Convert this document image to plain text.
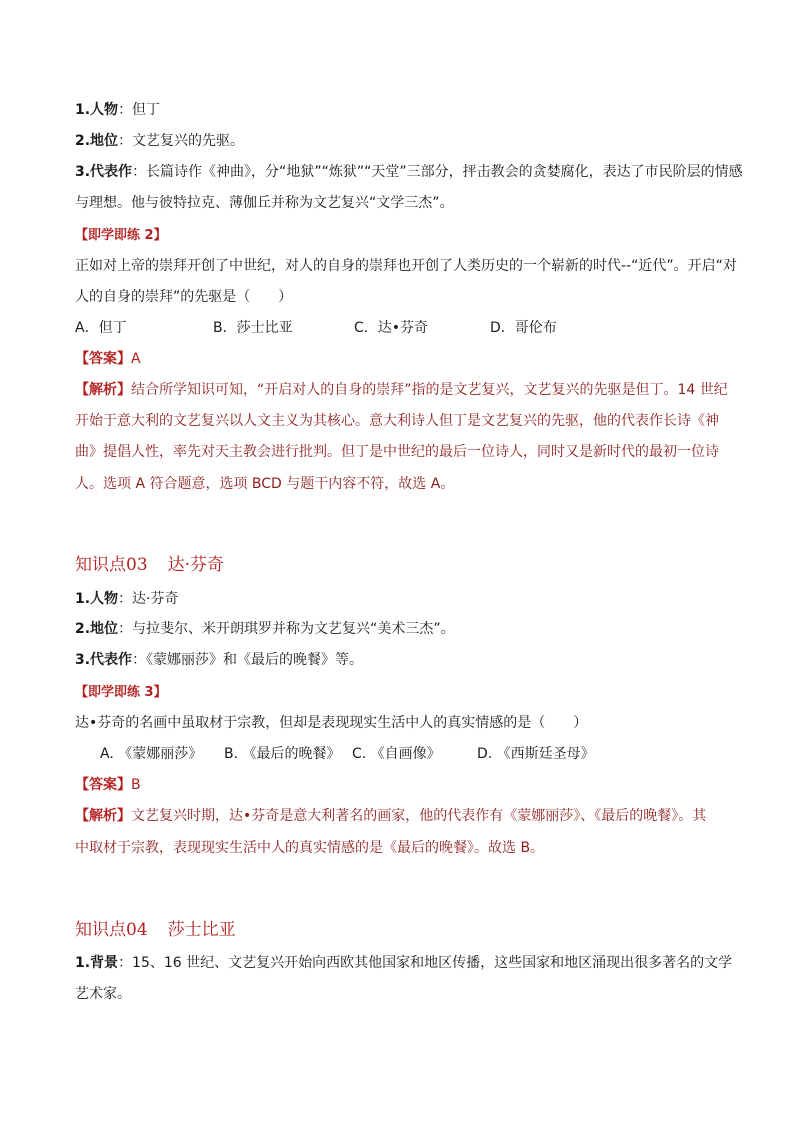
1.人物：但丁
2.地位：文艺复兴的先驱。
3.代表作：长篇诗作《神曲》，分“地狱”“炼狱”“天堂”三部分，抨击教会的贪婪腐化，表达了市民阶层的情感
与理想。他与彼特拉克、薄伽丘并称为文艺复兴“文学三杰”。
【即学即练 2】
正如对上帝的崇拜开创了中世纪，对人的自身的崇拜也开创了人类历史的一个崭新的时代--“近代”。开启“对
人的自身的崇拜”的先驱是（　　）
A．但丁	B．莎士比亚	C．达•芬奇	D．哥伦布
【答案】A
【解析】结合所学知识可知，“开启对人的自身的崇拜”指的是文艺复兴，文艺复兴的先驱是但丁。14 世纪
开始于意大利的文艺复兴以人文主义为其核心。意大利诗人但丁是文艺复兴的先驱，他的代表作长诗《神
曲》提倡人性，率先对天主教会进行批判。但丁是中世纪的最后一位诗人，同时又是新时代的最初一位诗
人。选项 A 符合题意，选项 BCD 与题干内容不符，故选 A。
知识点03 达·芬奇
1.人物：达·芬奇
2.地位：与拉斐尔、米开朗琪罗并称为文艺复兴“美术三杰”。
3.代表作：《蒙娜丽莎》和《最后的晚餐》等。
【即学即练 3】
达•芬奇的名画中虽取材于宗教，但却是表现现实生活中人的真实情感的是（　　）
A. 《蒙娜丽莎》 B. 《最后的晚餐》 C. 《自画像》	D. 《西斯廷圣母》
【答案】B
【解析】文艺复兴时期，达•芬奇是意大利著名的画家，他的代表作有《蒙娜丽莎》、《最后的晚餐》。其
中取材于宗教，表现现实生活中人的真实情感的是《最后的晚餐》。故选 B。
知识点04 莎士比亚
1.背景：15、16 世纪、文艺复兴开始向西欧其他国家和地区传播，这些国家和地区涌现出很多著名的文学
艺术家。
